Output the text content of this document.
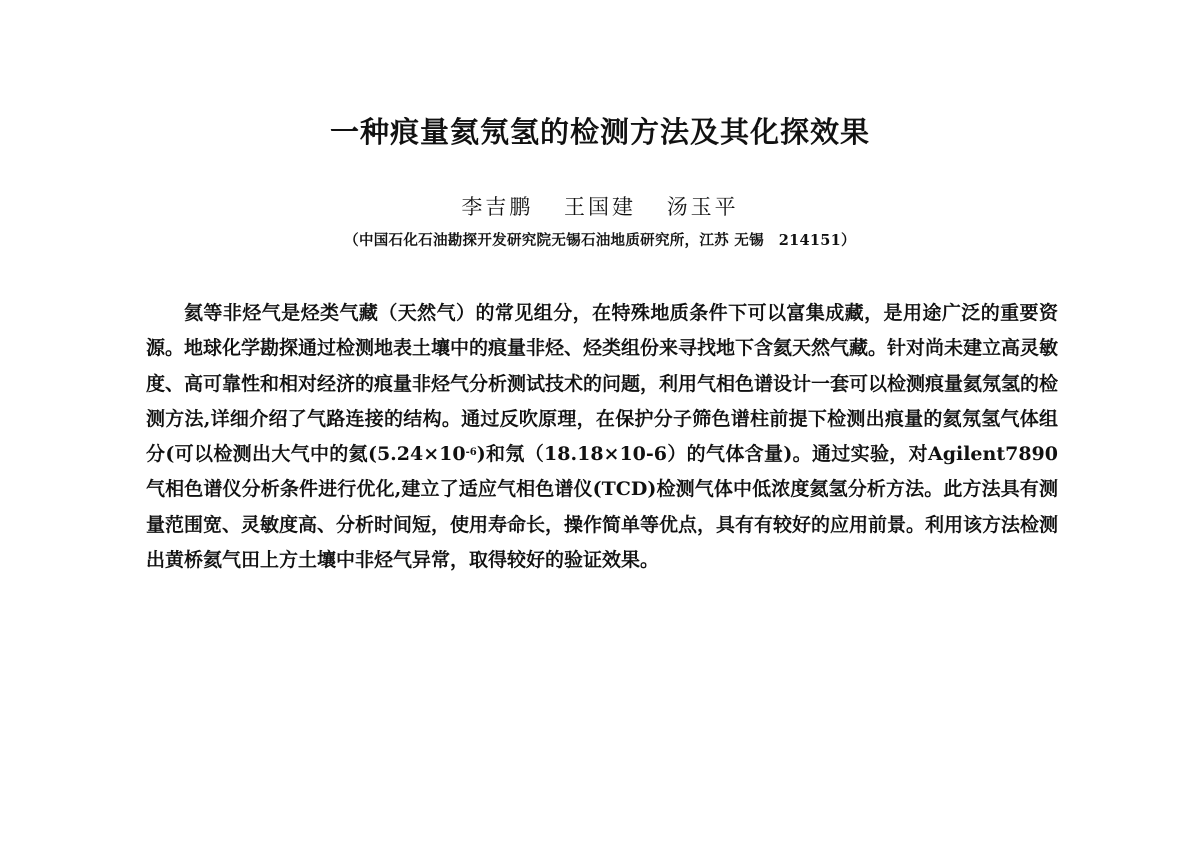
一种痕量氦氖氢的检测方法及其化探效果
李吉鹏 王国建 汤玉平
（中国石化石油勘探开发研究院无锡石油地质研究所，江苏 无锡　214151）

氦等非烃气是烃类气藏（天然气）的常见组分，在特殊地质条件下可以富集成藏，是用途广泛的重要资源。地球化学勘探通过检测地表土壤中的痕量非烃、烃类组份来寻找地下含氦天然气藏。针对尚未建立高灵敏度、高可靠性和相对经济的痕量非烃气分析测试技术的问题，利用气相色谱设计一套可以检测痕量氦氖氢的检测方法,详细介绍了气路连接的结构。通过反吹原理，在保护分子筛色谱柱前提下检测出痕量的氦氖氢气体组分(可以检测出大气中的氦$(5.24\times 10^{-6})$和氖（18.18×10-6）的气体含量)。通过实验，对Agilent7890气相色谱仪分析条件进行优化,建立了适应气相色谱仪(TCD)检测气体中低浓度氦氢分析方法。此方法具有测量范围宽、灵敏度高、分析时间短，使用寿命长，操作简单等优点，具有有较好的应用前景。利用该方法检测出黄桥氦气田上方土壤中非烃气异常，取得较好的验证效果。
